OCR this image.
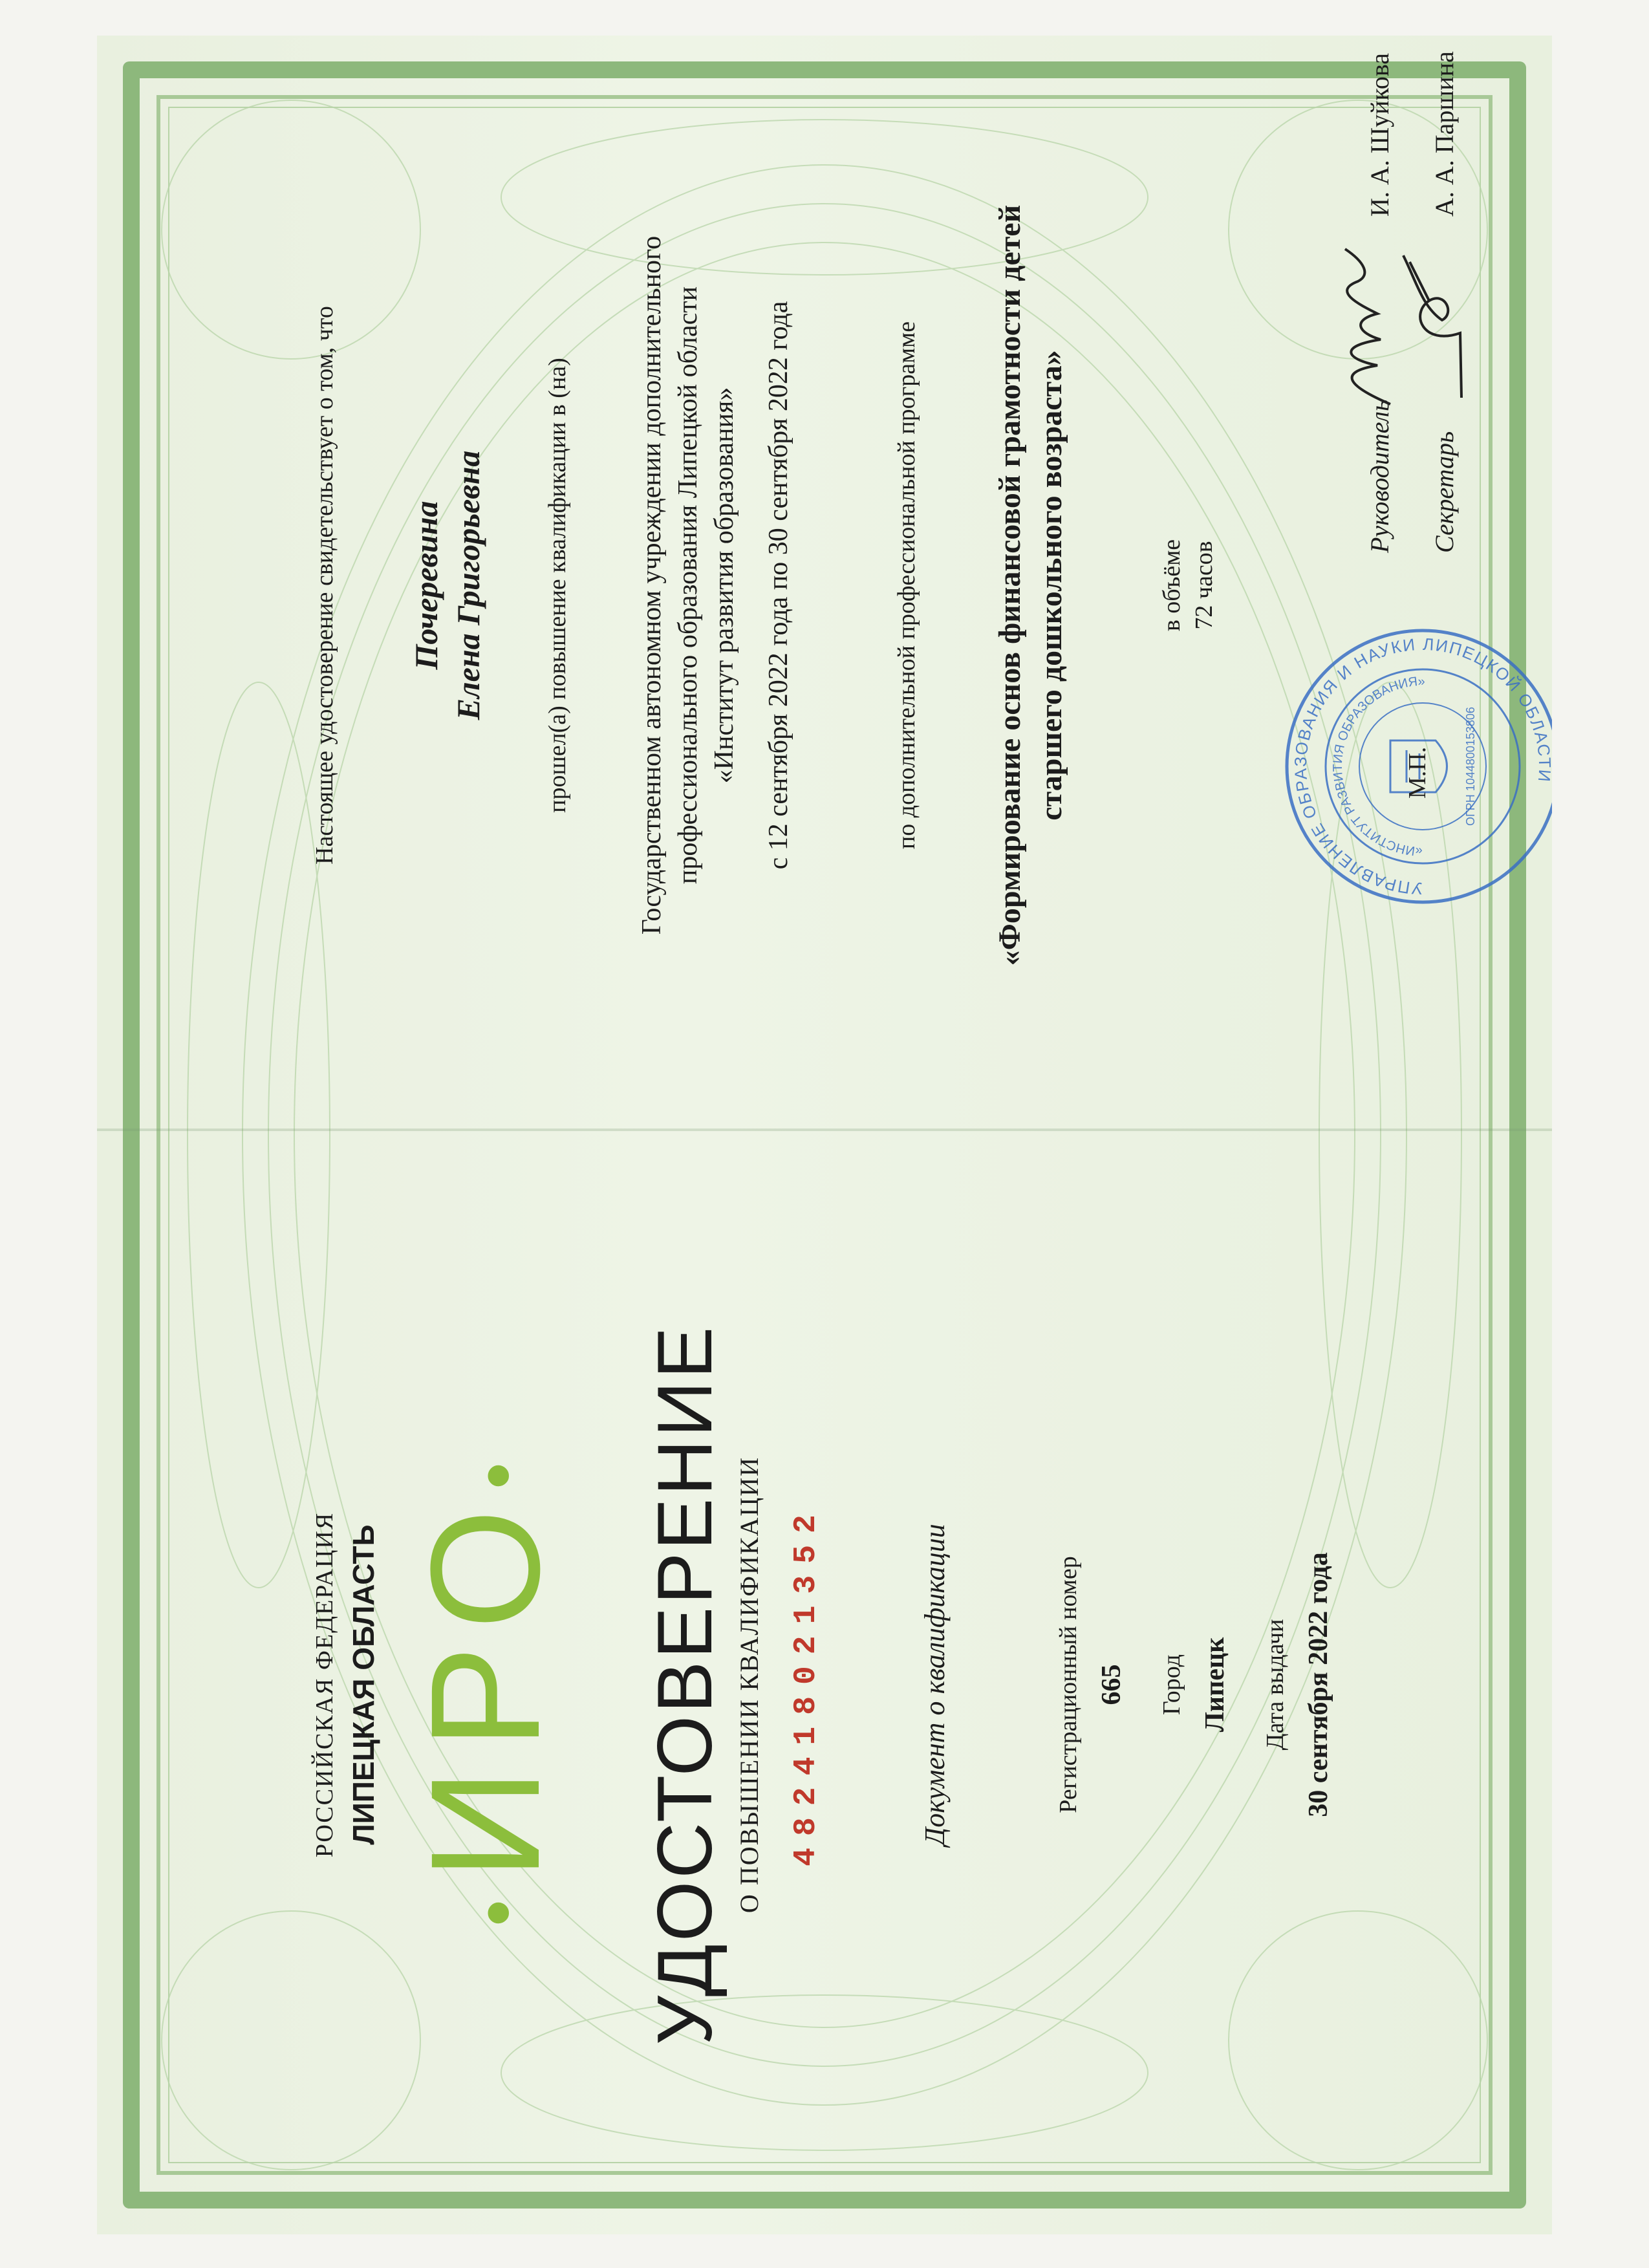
РОССИЙСКАЯ ФЕДЕРАЦИЯ ЛИПЕЦКАЯ ОБЛАСТЬ
•ИРО•	УДОСТОВЕРЕНИЕ О ПОВЫШЕНИИ КВАЛИФИКАЦИИ 482418021352	Документ о квалификации	Регистрационный номер 665 Город Липецк Дата выдачи 30 сентября 2022 года
Настоящее удостоверение свидетельствует о том, что Почеревина Елена Григорьевна прошел(а) повышение квалификации в (на) Государственном автономном учреждении дополнительного профессионального образования Липецкой области «Институт развития образования» с 12 сентября 2022 года по 30 сентября 2022 года	по дополнительной профессиональной программе «Формирование основ финансовой грамотности детей старшего дошкольного возраста»	в объёме 72 часов
УПРАВЛЕНИЕ ОБРАЗОВАНИЯ И НАУКИ ЛИПЕЦКОЙ ОБЛАСТИ
«ИНСТИТУТ РАЗВИТИЯ ОБРАЗОВАНИЯ»
ОГРН 1044800153806
М.П.
Руководитель
И. А. Шуйкова
Секретарь
А. А. Паршина
